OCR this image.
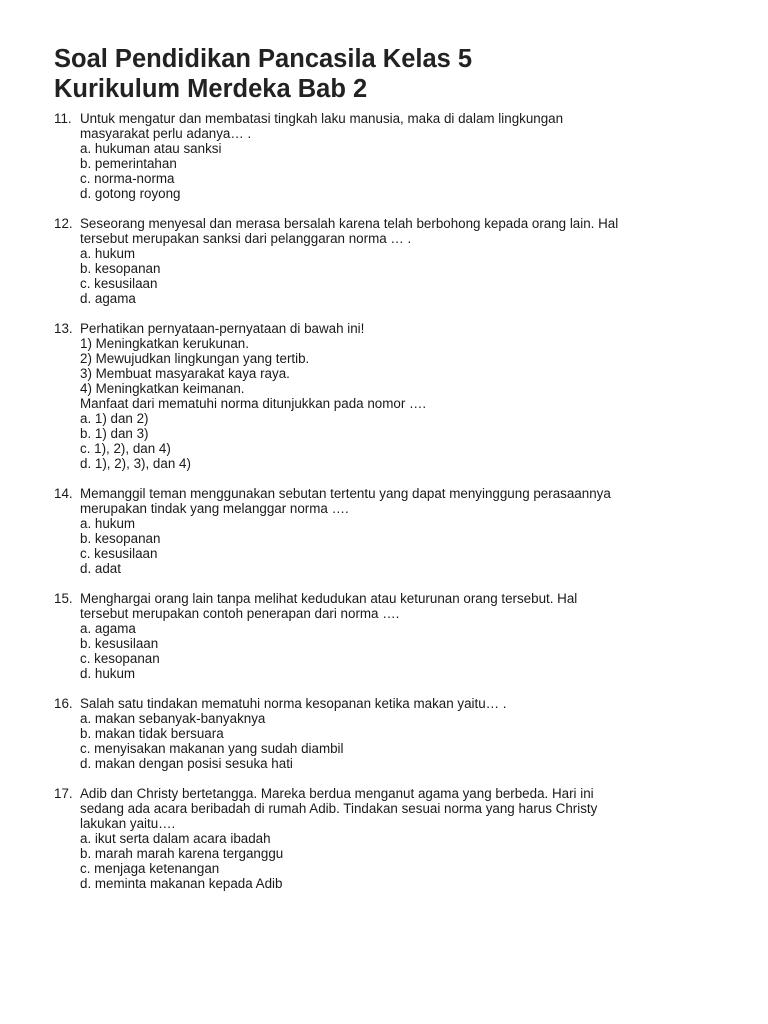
Soal Pendidikan Pancasila Kelas 5
Kurikulum Merdeka Bab 2
11. Untuk mengatur dan membatasi tingkah laku manusia, maka di dalam lingkungan
masyarakat perlu adanya… .
a. hukuman atau sanksi
b. pemerintahan
c. norma-norma
d. gotong royong
12. Seseorang menyesal dan merasa bersalah karena telah berbohong kepada orang lain. Hal
tersebut merupakan sanksi dari pelanggaran norma … .
a. hukum
b. kesopanan
c. kesusilaan
d. agama
13. Perhatikan pernyataan-pernyataan di bawah ini!
1) Meningkatkan kerukunan.
2) Mewujudkan lingkungan yang tertib.
3) Membuat masyarakat kaya raya.
4) Meningkatkan keimanan.
Manfaat dari mematuhi norma ditunjukkan pada nomor ….
a. 1) dan 2)
b. 1) dan 3)
c. 1), 2), dan 4)
d. 1), 2), 3), dan 4)
14. Memanggil teman menggunakan sebutan tertentu yang dapat menyinggung perasaannya
merupakan tindak yang melanggar norma ….
a. hukum
b. kesopanan
c. kesusilaan
d. adat
15. Menghargai orang lain tanpa melihat kedudukan atau keturunan orang tersebut. Hal
tersebut merupakan contoh penerapan dari norma ….
a. agama
b. kesusilaan
c. kesopanan
d. hukum
16. Salah satu tindakan mematuhi norma kesopanan ketika makan yaitu… .
a. makan sebanyak-banyaknya
b. makan tidak bersuara
c. menyisakan makanan yang sudah diambil
d. makan dengan posisi sesuka hati
17. Adib dan Christy bertetangga. Mareka berdua menganut agama yang berbeda. Hari ini
sedang ada acara beribadah di rumah Adib. Tindakan sesuai norma yang harus Christy
lakukan yaitu….
a. ikut serta dalam acara ibadah
b. marah marah karena terganggu
c. menjaga ketenangan
d. meminta makanan kepada Adib
